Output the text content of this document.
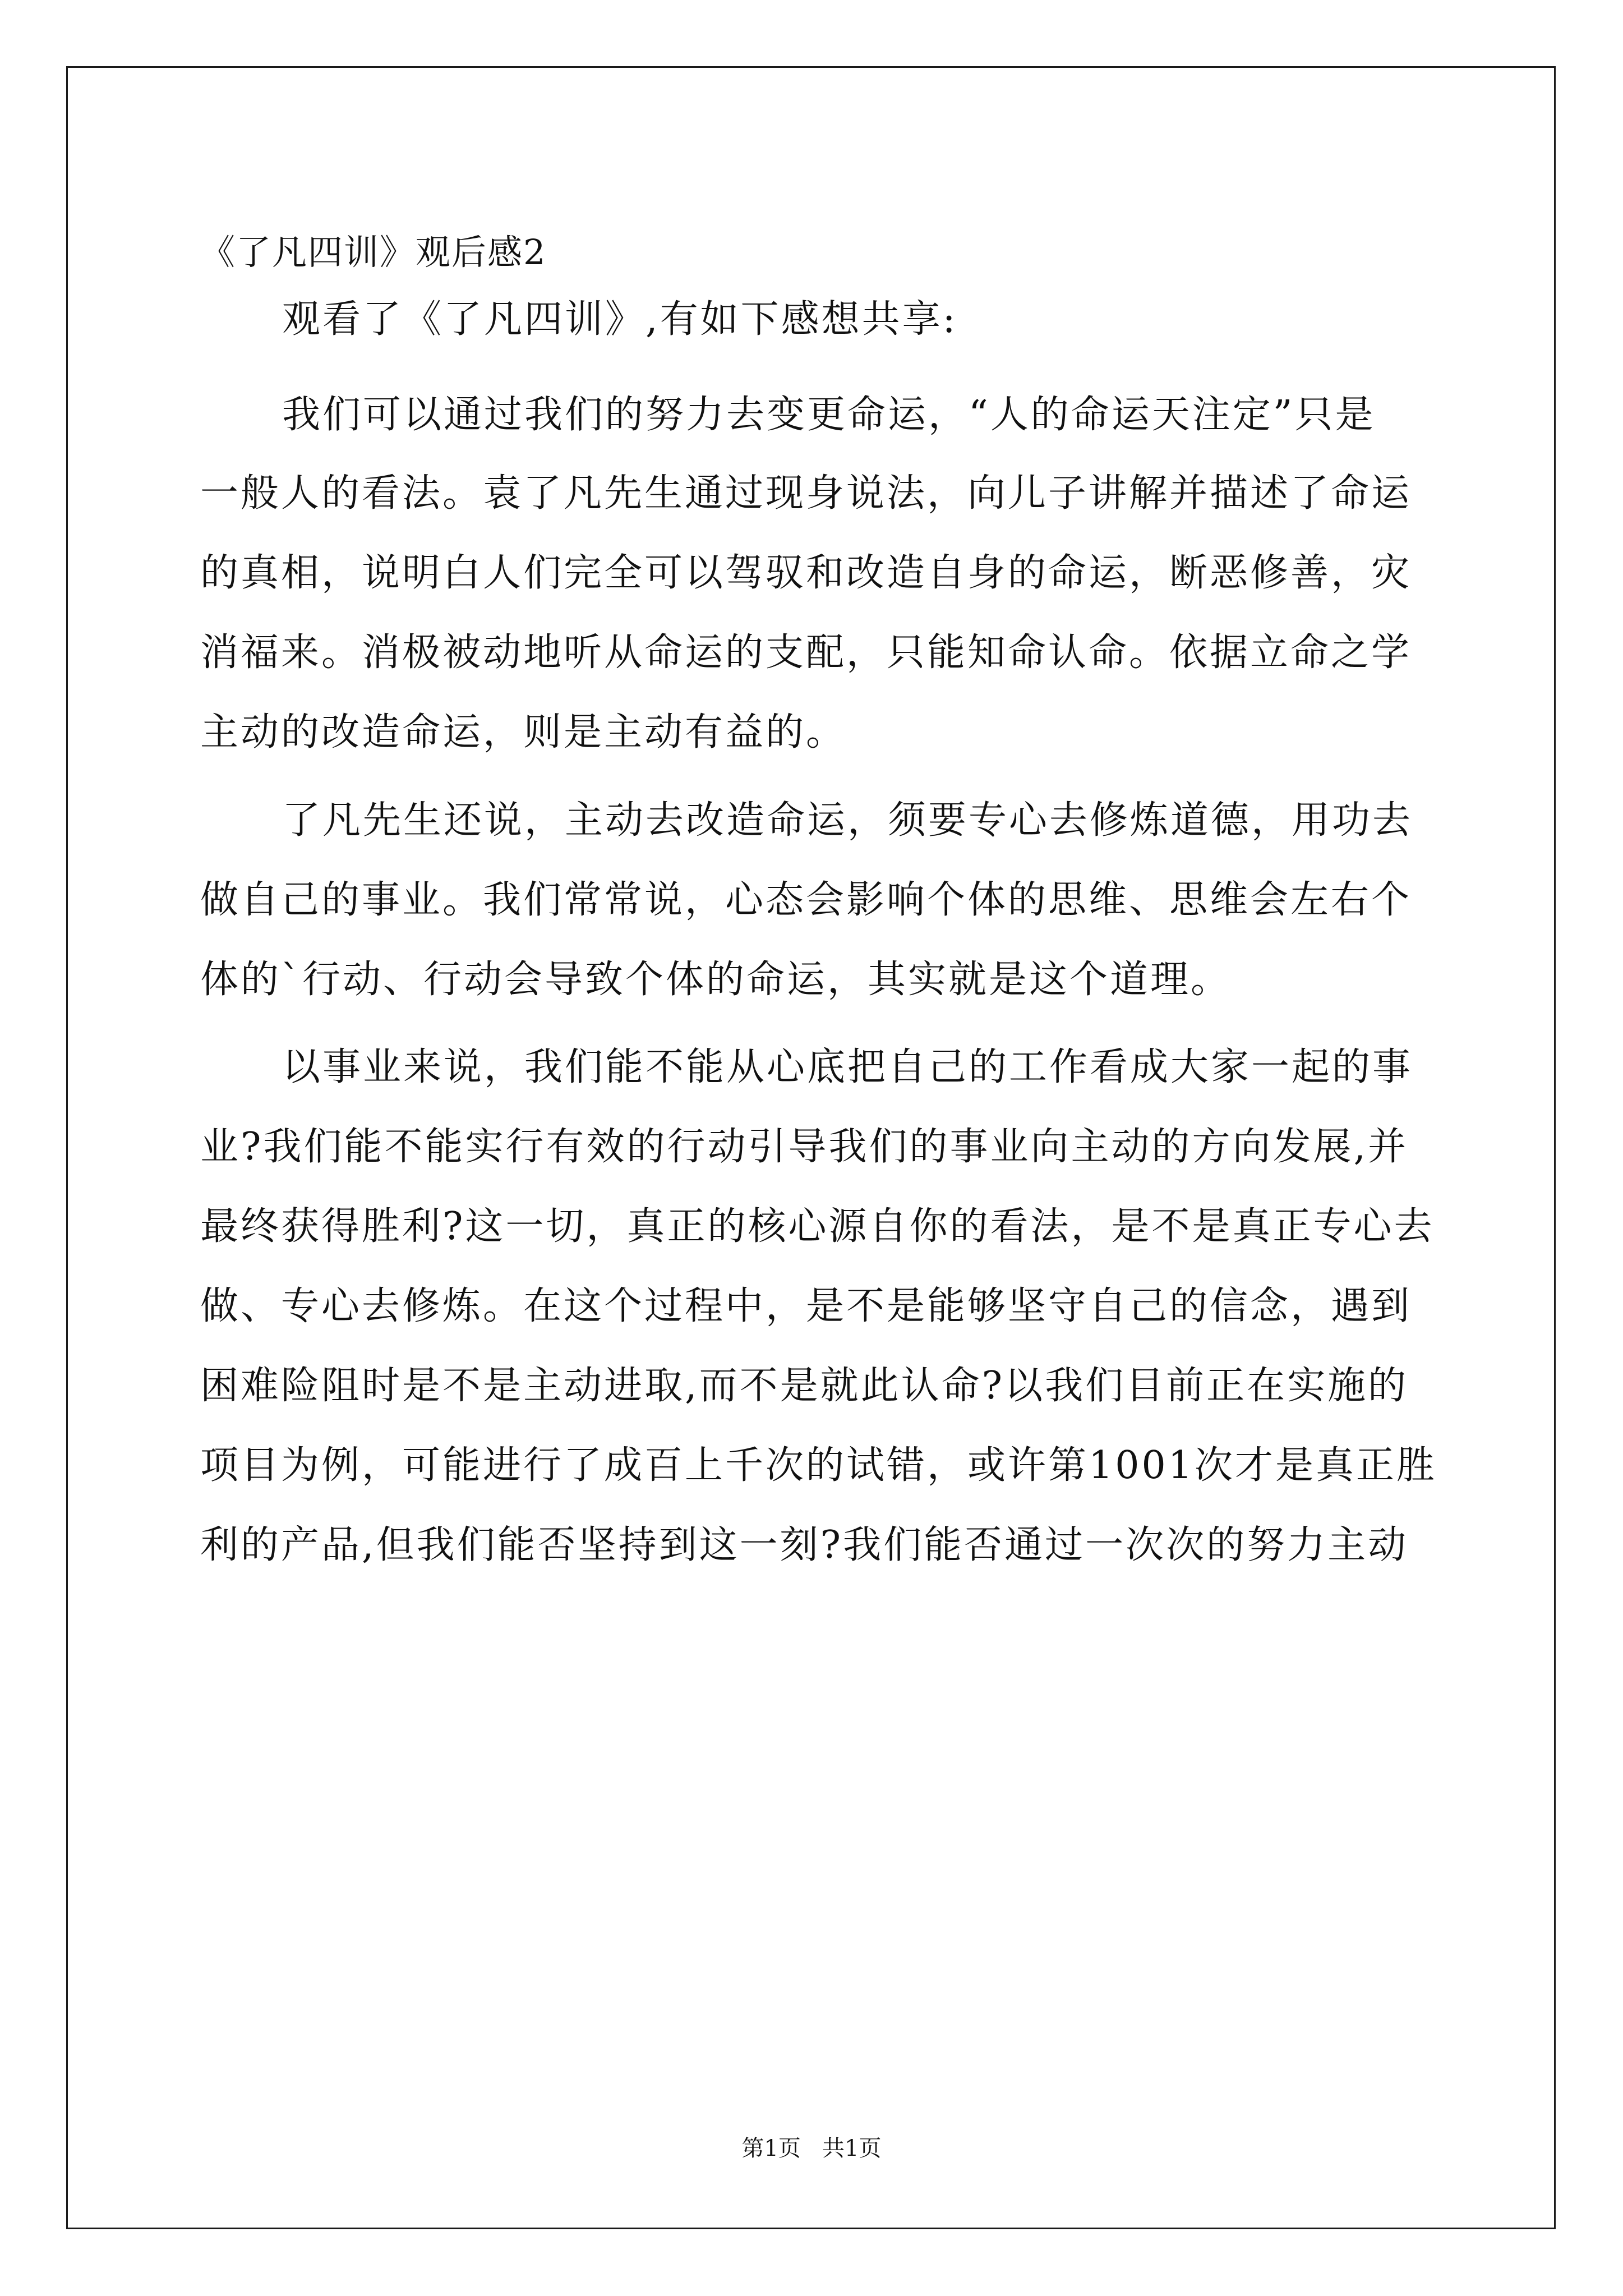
《了凡四训》观后感2
观看了《了凡四训》,有如下感想共享:
我们可以通过我们的努力去变更命运，“人的命运天注定”只是
一般人的看法。袁了凡先生通过现身说法，向儿子讲解并描述了命运
的真相，说明白人们完全可以驾驭和改造自身的命运，断恶修善，灾
消福来。消极被动地听从命运的支配，只能知命认命。依据立命之学
主动的改造命运，则是主动有益的。
了凡先生还说，主动去改造命运，须要专心去修炼道德，用功去
做自己的事业。我们常常说，心态会影响个体的思维、思维会左右个
体的`行动、行动会导致个体的命运，其实就是这个道理。
以事业来说，我们能不能从心底把自己的工作看成大家一起的事
业?我们能不能实行有效的行动引导我们的事业向主动的方向发展,并
最终获得胜利?这一切，真正的核心源自你的看法，是不是真正专心去
做、专心去修炼。在这个过程中，是不是能够坚守自己的信念，遇到
困难险阻时是不是主动进取,而不是就此认命?以我们目前正在实施的
项目为例，可能进行了成百上千次的试错，或许第1001次才是真正胜
利的产品,但我们能否坚持到这一刻?我们能否通过一次次的努力主动
第1页   共1页
